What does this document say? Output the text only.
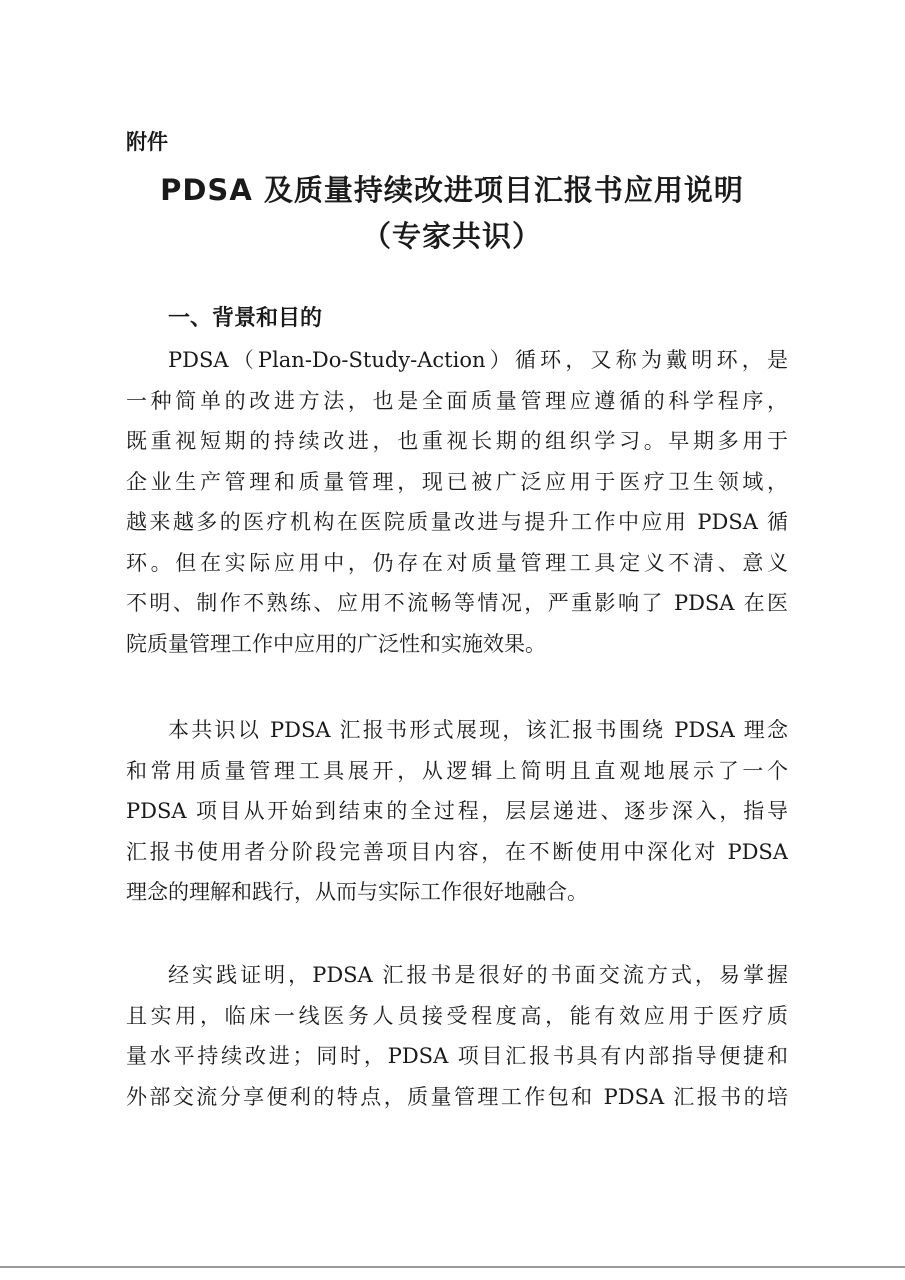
附件

PDSA 及质量持续改进项目汇报书应用说明
（专家共识）
一、背景和目的
PDSA（Plan-Do-Study-Action）循环，又称为戴明环，是
一种简单的改进方法，也是全面质量管理应遵循的科学程序，
既重视短期的持续改进，也重视长期的组织学习。早期多用于
企业生产管理和质量管理，现已被广泛应用于医疗卫生领域，
越来越多的医疗机构在医院质量改进与提升工作中应用 PDSA 循
环。但在实际应用中，仍存在对质量管理工具定义不清、意义
不明、制作不熟练、应用不流畅等情况，严重影响了 PDSA 在医
院质量管理工作中应用的广泛性和实施效果。
本共识以 PDSA 汇报书形式展现，该汇报书围绕 PDSA 理念
和常用质量管理工具展开，从逻辑上简明且直观地展示了一个
PDSA 项目从开始到结束的全过程，层层递进、逐步深入，指导
汇报书使用者分阶段完善项目内容，在不断使用中深化对 PDSA
理念的理解和践行，从而与实际工作很好地融合。
经实践证明，PDSA 汇报书是很好的书面交流方式，易掌握
且实用，临床一线医务人员接受程度高，能有效应用于医疗质
量水平持续改进；同时，PDSA 项目汇报书具有内部指导便捷和
外部交流分享便利的特点，质量管理工作包和 PDSA 汇报书的培
